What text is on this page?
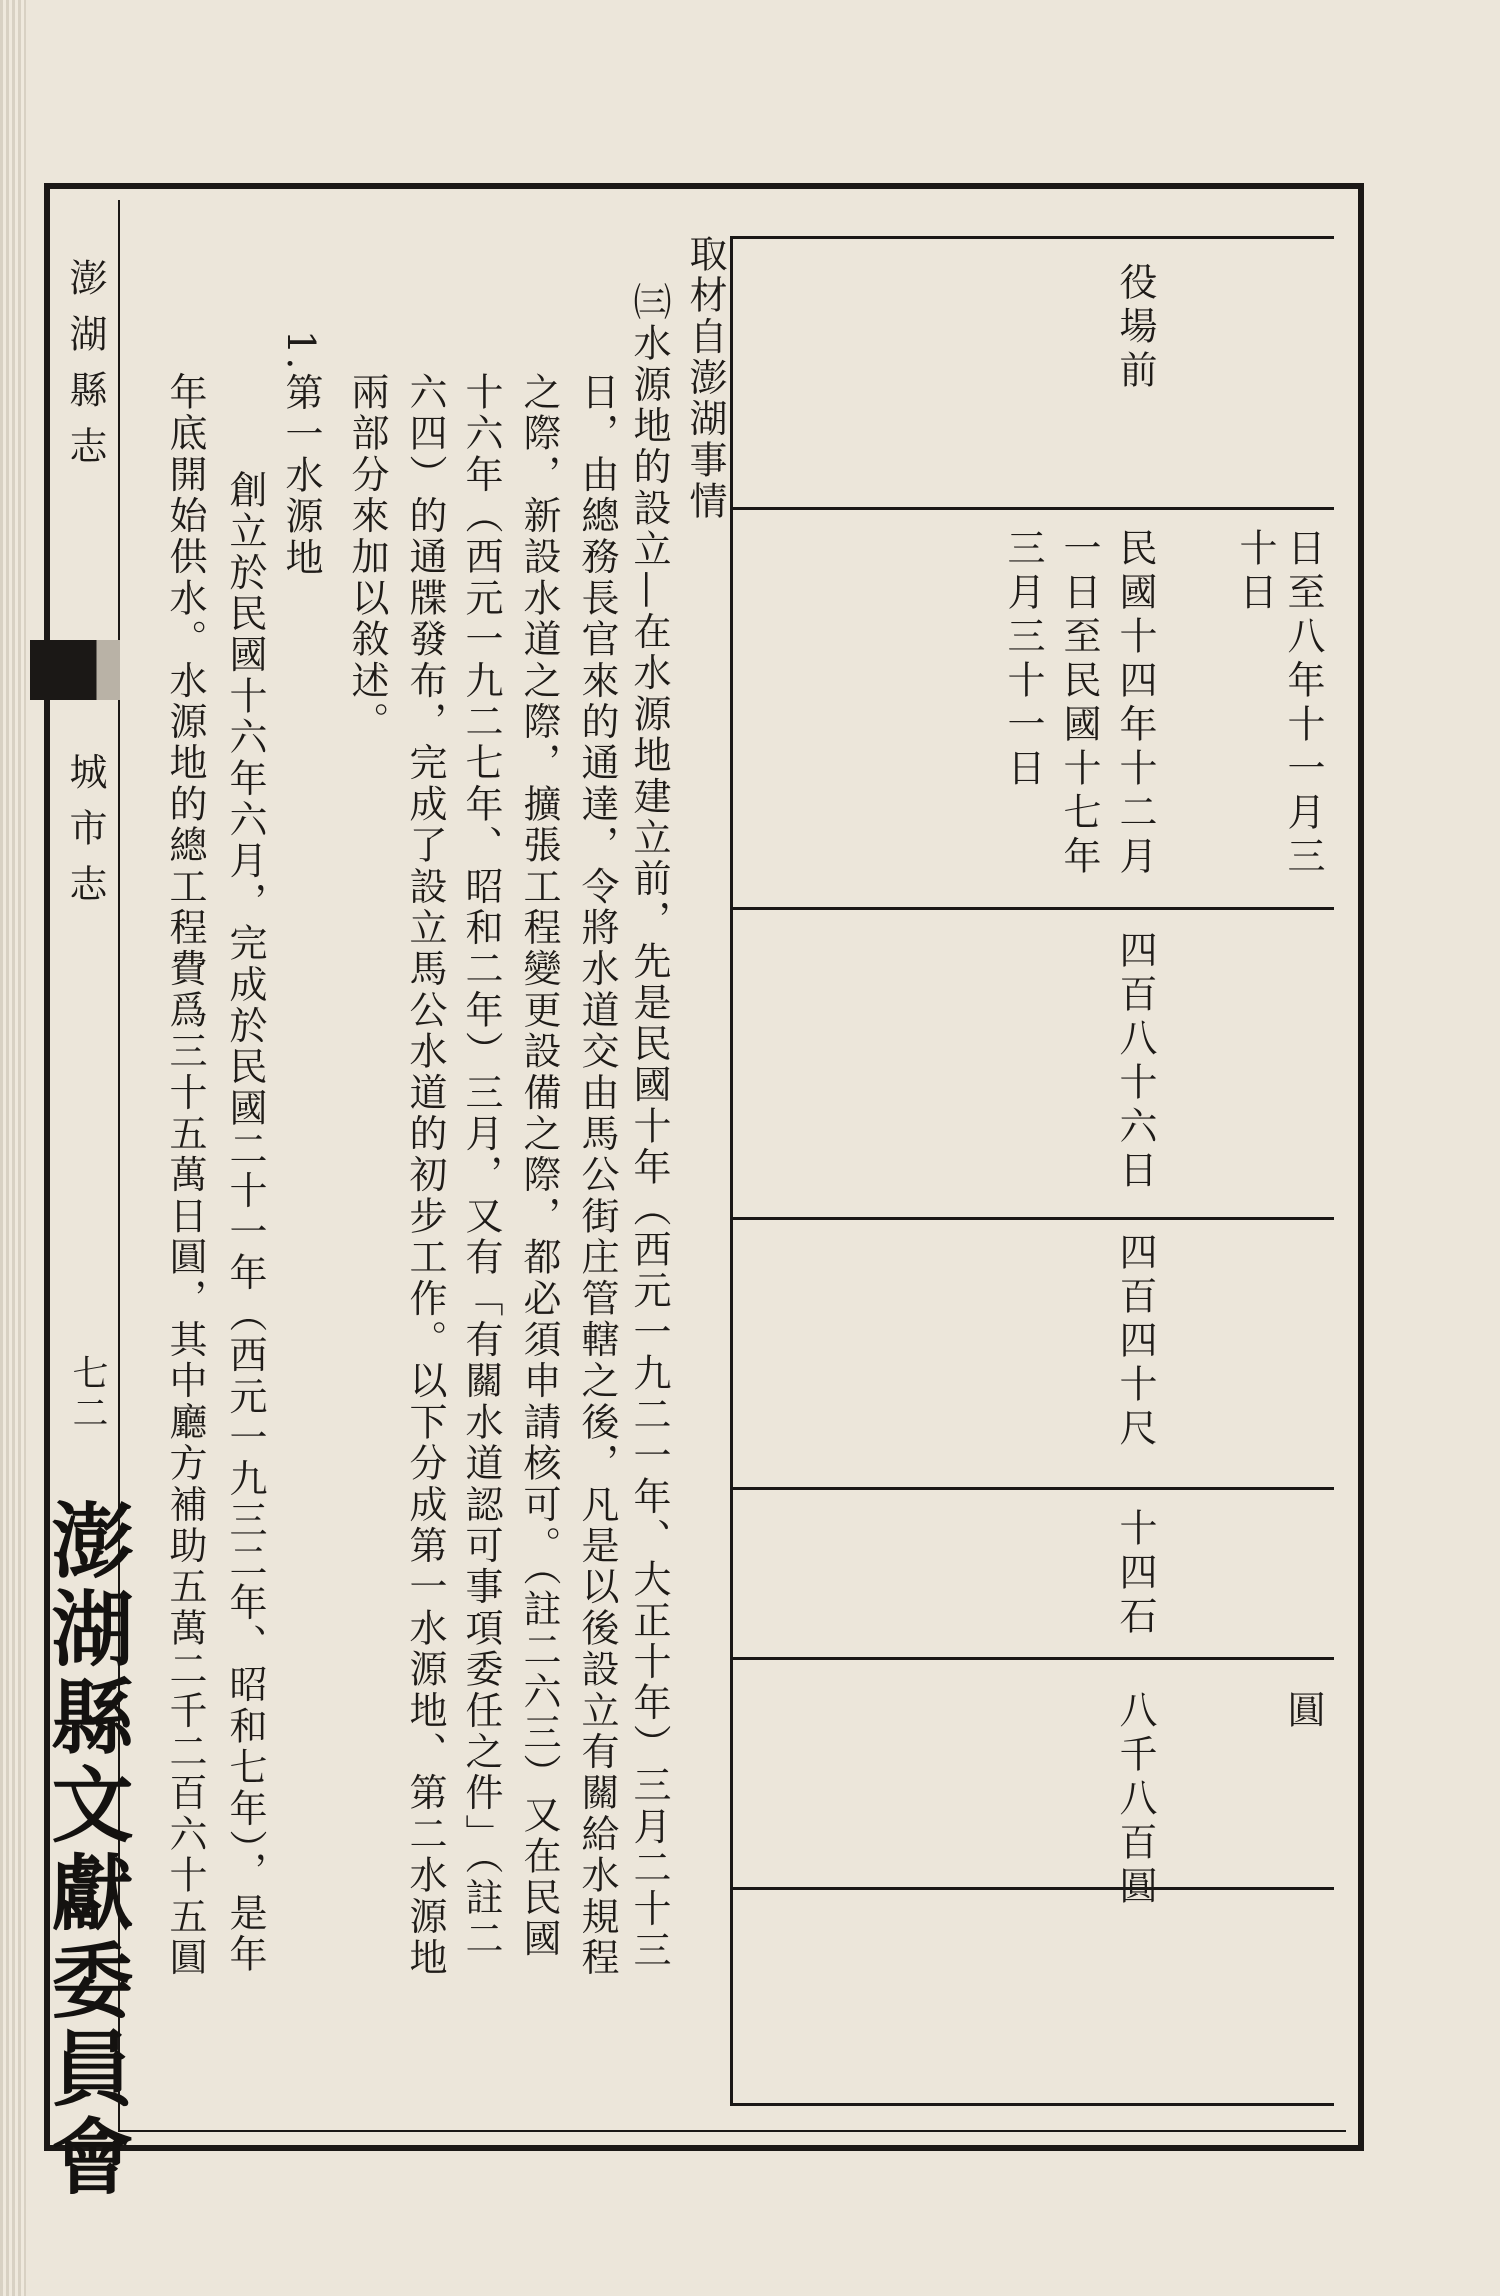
澎湖縣志
城市志
七二
澎湖縣文獻委員會	圓
日至八年十一月三
十日
役場前
民國十四年十二月
一日至民國十七年
三月三十一日
四百八十六日
四百四十尺
十四石
八千八百圓
取材自澎湖事情
㈢水源地的設立—在水源地建立前，先是民國十年（西元一九二一年、大正十年）三月二十三
日，由總務長官來的通達，令將水道交由馬公街庄管轄之後，凡是以後設立有關給水規程
之際，新設水道之際，擴張工程變更設備之際，都必須申請核可。（註二六三）又在民國
十六年（西元一九二七年、昭和二年）三月，又有「有關水道認可事項委任之件」（註二
六四）的通牒發布，完成了設立馬公水道的初步工作。以下分成第一水源地、第二水源地
兩部分來加以敘述。
1.第一水源地
創立於民國十六年六月，完成於民國二十一年（西元一九三二年、昭和七年），是年
年底開始供水。水源地的總工程費爲三十五萬日圓，其中廳方補助五萬二千二百六十五圓
